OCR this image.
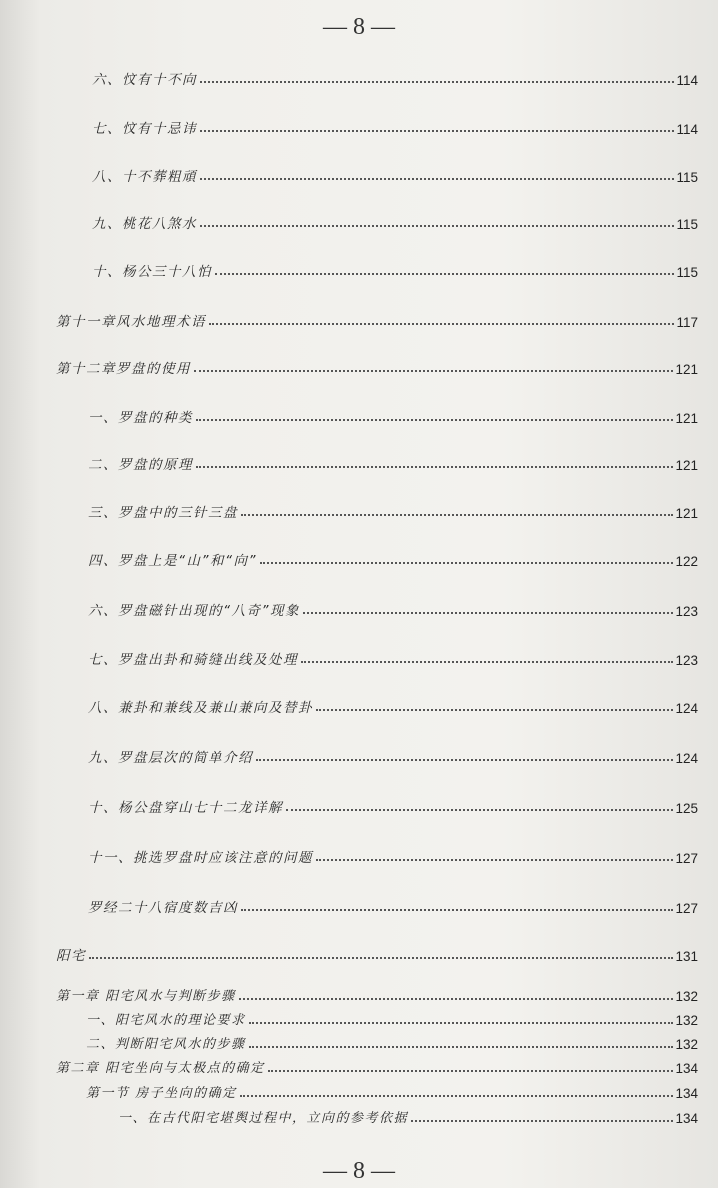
— 8 —
六、忟有十不向	114
七、忟有十忌讳	114
八、十不葬粗頑	115
九、桃花八煞水	115
十、杨公三十八怕	115
第十一章风水地理术语	117
第十二章罗盘的使用	121
一、罗盘的种类	121
二、罗盘的原理	121
三、罗盘中的三针三盘	121
四、罗盘上是“山”和“向”	122
六、罗盘磁针出现的“八奇”现象	123
七、罗盘出卦和骑缝出线及处理	123
八、兼卦和兼线及兼山兼向及替卦	124
九、罗盘层次的简单介绍	124
十、杨公盘穿山七十二龙详解	125
十一、挑选罗盘时应该注意的问题	127
罗经二十八宿度数吉凶	127
阳宅	131
第一章 阳宅风水与判断步骤	132
一、阳宅风水的理论要求	132
二、判断阳宅风水的步骤	132
第二章 阳宅坐向与太极点的确定	134
第一节 房子坐向的确定	134
一、在古代阳宅堪舆过程中，立向的参考依据	134
— 8 —
